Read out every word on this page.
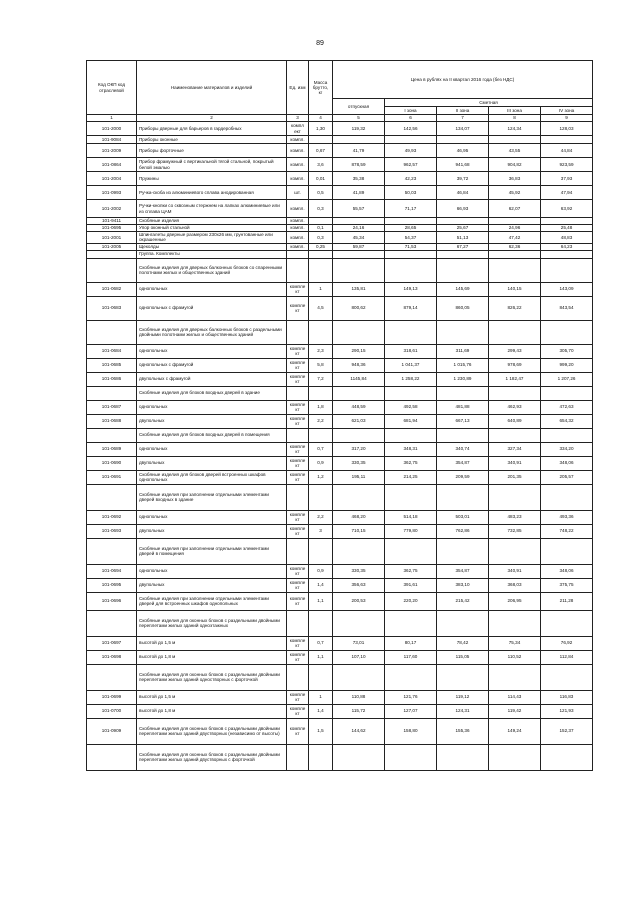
89
Код ОКП код отраслевой	Наименование материалов и изделий	Ед. изм	Масса брутто, кг	Цена в рублях на II квартал 2016 года (без НДС)				
				отпускная	Сметная			
					I зона	II зона	III зона	IV зона
1	2	3	4	5	6	7	8	9
101-2000	Приборы дверные для барьеров в гардеробных	компл ект	1,30	119,32	142,56	134,07	124,34	128,03
101-9084	Приборы оконные	компл.						
101-2009	Приборы форточные	компл.	0,67	41,79	49,93	46,95	43,55	44,84
101-0864	Прибор фрамужный с вертикальной тягой стальной, покрытый белой эмалью	компл.	3,6	878,59	962,57	941,68	904,82	923,59
101-2004	Пружины	компл.	0,01	35,38	42,23	39,72	36,83	37,93
101-0993	Ручка-скоба из алюминиевого сплава анодированная	шт.	0,5	41,89	50,03	46,84	45,92	47,94
101-2002	Ручки-кнопки со сквозным стержнем на лапках алюминиевые или из сплава ЦАМ	компл.	0,3	55,57	71,17	66,93	62,07	63,92
101-9411	Скобяные изделия	компл.						
101-0695	Упор оконный стальной	компл.	0,1	24,16	28,65	25,67	24,96	25,48
101-2001	Шпингалеты дверные размером 230х26 мм, грунтованные или окрашенные	компл.	0,3	45,34	54,37	51,13	47,42	48,83
101-2005	Щеколды	компл.	0,25	59,87	71,53	67,27	62,36	64,23
	Группа. Комплекты							
	Скобяные изделия для дверных балконных блоков со спаренными полотнами жилых и общественных зданий							
101-0682	однопольных	компле кт	1	135,81	149,13	145,69	140,15	143,09
101-0683	однопольных с фрамугой	компле кт	4,5	800,62	879,14	860,05	826,22	843,54
	Скобяные изделия для дверных балконных блоков с раздельными двойными полотнами жилых и общественных зданий							
101-0684	однопольных	компле кт	2,3	290,15	318,61	311,69	299,43	305,70
101-0685	однопольных с фрамугой	компле кт	5,8	948,36	1 041,37	1 015,76	978,69	999,20
101-0686	двупольных с фрамугой	компле кт	7,2	1145,84	1 258,22	1 230,89	1 182,47	1 207,26
	Скобяные изделия для блоков входных дверей в здание							
101-0687	однопольных	компле кт	1,8	448,59	492,58	481,88	462,93	472,63
101-0688	двупольных	компле кт	2,2	621,03	681,94	667,13	640,89	654,32
	Скобяные изделия для блоков входных дверей в помещения							
101-0689	однопольных	компле кт	0,7	317,20	348,31	340,74	327,34	334,20
101-0690	двупольных	компле кт	0,9	330,35	362,75	354,87	340,91	348,06
101-0691	Скобяные изделия для блоков дверей встроенных шкафов однопольных	компле кт	1,2	195,11	214,25	209,59	201,35	205,57
	Скобяные изделия при заполнении отдельными элементами дверей входных в здание							
101-0692	однопольных	компле кт	2,2	468,20	514,18	503,01	483,23	493,36
101-0693	двупольных	компле кт	3	710,15	779,80	762,86	732,85	748,22
	Скобяные изделия при заполнении отдельными элементами дверей в помещения							
101-0694	однопольных	компле кт	0,9	330,35	362,75	354,87	340,91	348,06
101-0695	двупольных	компле кт	1,4	356,63	391,61	383,10	368,03	375,75
101-0696	Скобяные изделия при заполнении отдельными элементами дверей для встроенных шкафов однопольных	компле кт	1,1	200,53	220,20	215,42	206,95	211,28
	Скобяные изделия для оконных блоков с раздельными двойными переплетами жилых зданий одноэтажных							
101-0697	высотой до 1,5 м	компле кт	0,7	73,01	80,17	78,42	75,34	76,92
101-0698	высотой до 1,8 м	компле кт	1,1	107,10	117,60	115,05	110,52	112,84
	Скобяные изделия для оконных блоков с раздельными двойными переплетами жилых зданий одностворных с форточкой							
101-0699	высотой до 1,5 м	компле кт	1	110,88	121,76	119,12	114,43	116,83
101-0700	высотой до 1,8 м	компле кт	1,4	115,72	127,07	124,31	119,42	121,93
101-0909	Скобяные изделия для оконных блоков с раздельными двойными переплетами жилых зданий двустворных (независимо от высоты)	компле кт	1,5	144,62	158,80	155,36	149,24	152,37
	Скобяные изделия для оконных блоков с раздельными двойными переплетами жилых зданий двустворных с форточкой							
